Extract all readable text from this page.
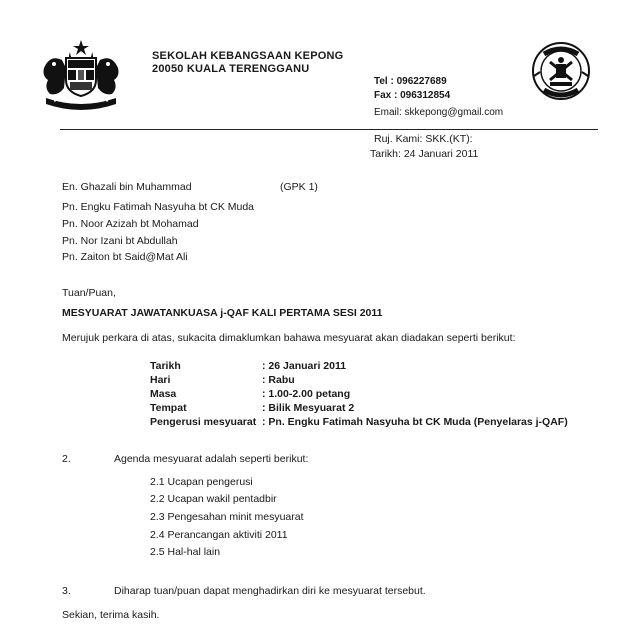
SEKOLAH KEBANGSAAN KEPONG
20050 KUALA TERENGGANU
Tel : 096227689
Fax : 096312854
Email: skkepong@gmail.com
Ruj. Kami: SKK.(KT):
Tarikh: 24 Januari 2011
En. Ghazali bin Muhammad	(GPK 1)
Pn. Engku Fatimah Nasyuha bt CK Muda
Pn. Noor Azizah bt Mohamad
Pn. Nor Izani bt Abdullah
Pn. Zaiton bt Said@Mat Ali
Tuan/Puan,
MESYUARAT JAWATANKUASA j-QAF KALI PERTAMA SESI 2011
Merujuk perkara di atas, sukacita dimaklumkan bahawa mesyuarat akan diadakan seperti berikut:
Tarikh	: 26 Januari 2011
Hari	: Rabu
Masa	: 1.00-2.00 petang
Tempat	: Bilik Mesyuarat 2
Pengerusi mesyuarat : Pn. Engku Fatimah Nasyuha bt CK Muda (Penyelaras j-QAF)
2.	Agenda mesyuarat adalah seperti berikut:
2.1 Ucapan pengerusi
2.2 Ucapan wakil pentadbir
2.3 Pengesahan minit mesyuarat
2.4 Perancangan aktiviti 2011
2.5 Hal-hal lain
3.	Diharap tuan/puan dapat menghadirkan diri ke mesyuarat tersebut.
Sekian, terima kasih.
